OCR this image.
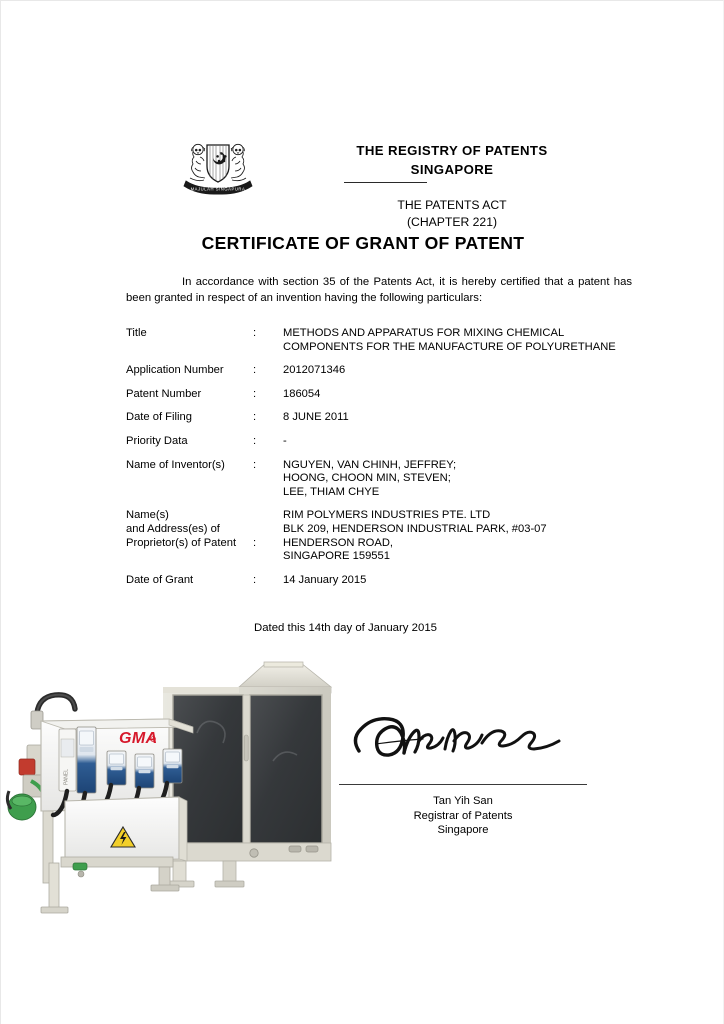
MAJULAH SINGAPURA
THE REGISTRY OF PATENTS
SINGAPORE
THE PATENTS ACT
(CHAPTER 221)
CERTIFICATE OF GRANT OF PATENT
In accordance with section 35 of the Patents Act, it is hereby certified that a patent has been granted in respect of an invention having the following particulars:
Title	:	METHODS AND APPARATUS FOR MIXING CHEMICAL
COMPONENTS FOR THE MANUFACTURE OF POLYURETHANE
Application Number	:	2012071346
Patent Number	:	186054
Date of Filing	:	8 JUNE 2011
Priority Data	:	-
Name of Inventor(s)	:	NGUYEN, VAN CHINH, JEFFREY;
HOONG, CHOON MIN, STEVEN;
LEE, THIAM CHYE
Name(s)
and Address(es) of
Proprietor(s) of Patent	:
RIM POLYMERS INDUSTRIES PTE. LTD
BLK 209, HENDERSON INDUSTRIAL PARK, #03-07
HENDERSON ROAD,
SINGAPORE 159551
Date of Grant	:	14 January 2015
Dated this 14th day of January 2015
Tan Yih San
Registrar of Patents
Singapore
GMA
PANEL
